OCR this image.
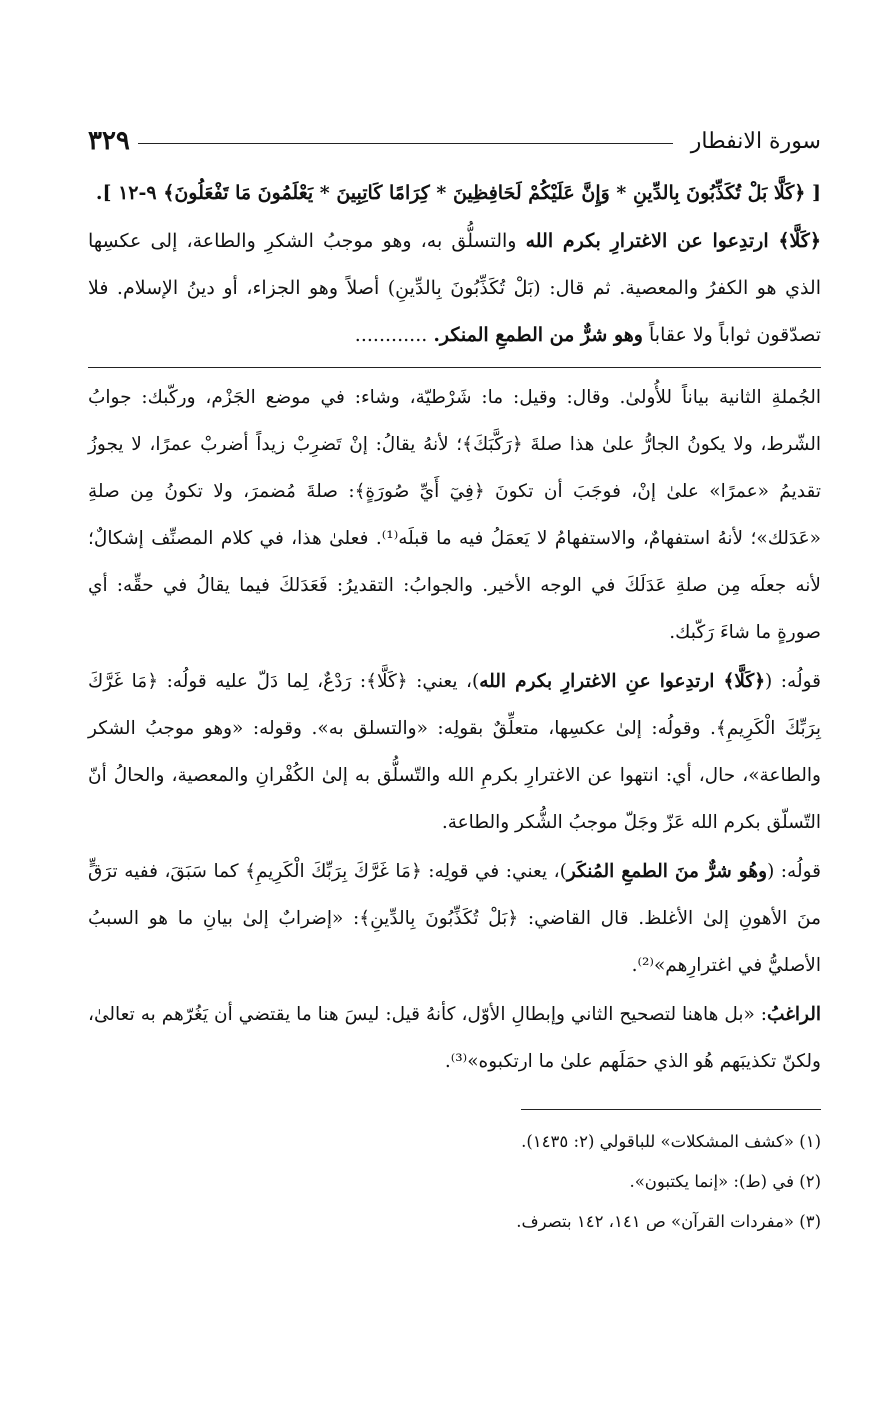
سورة الانفطار
٣٢٩
[ ﴿كَلَّا بَلْ تُكَذِّبُونَ بِالدِّينِ * وَإِنَّ عَلَيْكُمْ لَحَافِظِينَ * كِرَامًا كَاتِبِينَ * يَعْلَمُونَ مَا تَفْعَلُونَ﴾ ٩-١٢ ].
﴿كَلَّا﴾ ارتدِعوا عن الاغترارِ بكرم الله والتسلُّق به، وهو موجبُ الشكرِ والطاعة، إلى عكسِها الذي هو الكفرُ والمعصية. ثم قال: (بَلْ تُكَذِّبُونَ بِالدِّينِ) أصلاً وهو الجزاء، أو دينُ الإسلام. فلا تصدّقون ثواباً ولا عقاباً وهو شرٌّ من الطمعِ المنكر. ............

الجُملةِ الثانية بياناً للأُولىٰ. وقال: وقيل: ما: شَرْطيّة، وشاء: في موضع الجَزْم، وركّبك: جوابُ الشّرط، ولا يكونُ الجارُّ علىٰ هذا صلةَ ﴿رَكَّبَكَ﴾؛ لأنهُ يقالُ: إنْ تَضرِبْ زيداً أضربْ عمرًا، لا يجوزُ تقديمُ «عمرًا» علىٰ إنْ، فوجَبَ أن تكونَ ﴿فِيٓ أَيِّ صُورَةٍ﴾: صلةَ مُضمرَ، ولا تكونُ مِن صلةِ «عَدَلك»؛ لأنهُ استفهامٌ، والاستفهامُ لا يَعمَلُ فيه ما قبلَه⁽¹⁾. فعلىٰ هذا، في كلام المصنِّف إشكالٌ؛ لأنه جعلَه مِن صلةِ عَدَلَكَ في الوجه الأخير. والجوابُ: التقديرُ: فَعَدَلكَ فيما يقالُ في حقِّه: أي صورةٍ ما شاءَ رَكّبك.

قولُه: (﴿كَلَّا﴾ ارتدِعوا عنِ الاغترارِ بكرم الله)، يعني: ﴿كَلَّا﴾: رَدْعٌ، لِما دَلّ عليه قولُه: ﴿مَا غَرَّكَ بِرَبِّكَ الْكَرِيمِ﴾. وقولُه: إلىٰ عكسِها، متعلِّقٌ بقولِه: «والتسلق به». وقوله: «وهو موجبُ الشكر والطاعة»، حال، أي: انتهوا عن الاغترارِ بكرمِ الله والتّسلُّق به إلىٰ الكُفْرانِ والمعصية، والحالُ أنّ التّسلّق بكرم الله عَزّ وجَلّ موجبُ الشُّكر والطاعة.

قولُه: (وهُو شرٌّ منَ الطمعِ المُنكَر)، يعني: في قولِه: ﴿مَا غَرَّكَ بِرَبِّكَ الْكَرِيمِ﴾ كما سَبَقَ، ففيه ترَقٍّ منَ الأهونِ إلىٰ الأغلظ. قال القاضي: ﴿بَلْ تُكَذِّبُونَ بِالدِّينِ﴾: «إضرابٌ إلىٰ بيانِ ما هو السببُ الأصليُّ في اغترارِهم»⁽²⁾.

الراغبُ: «بل هاهنا لتصحيح الثاني وإبطالِ الأوّل، كأنهُ قيل: ليسَ هنا ما يقتضي أن يَغُرّهم به تعالىٰ، ولكنّ تكذيبَهم هُو الذي حمَلَهم علىٰ ما ارتكبوه»⁽³⁾.

(١) «كشف المشكلات» للباقولي (٢: ١٤٣٥).
(٢) في (ط): «إنما يكتبون».
(٣) «مفردات القرآن» ص ١٤١، ١٤٢ بتصرف.
